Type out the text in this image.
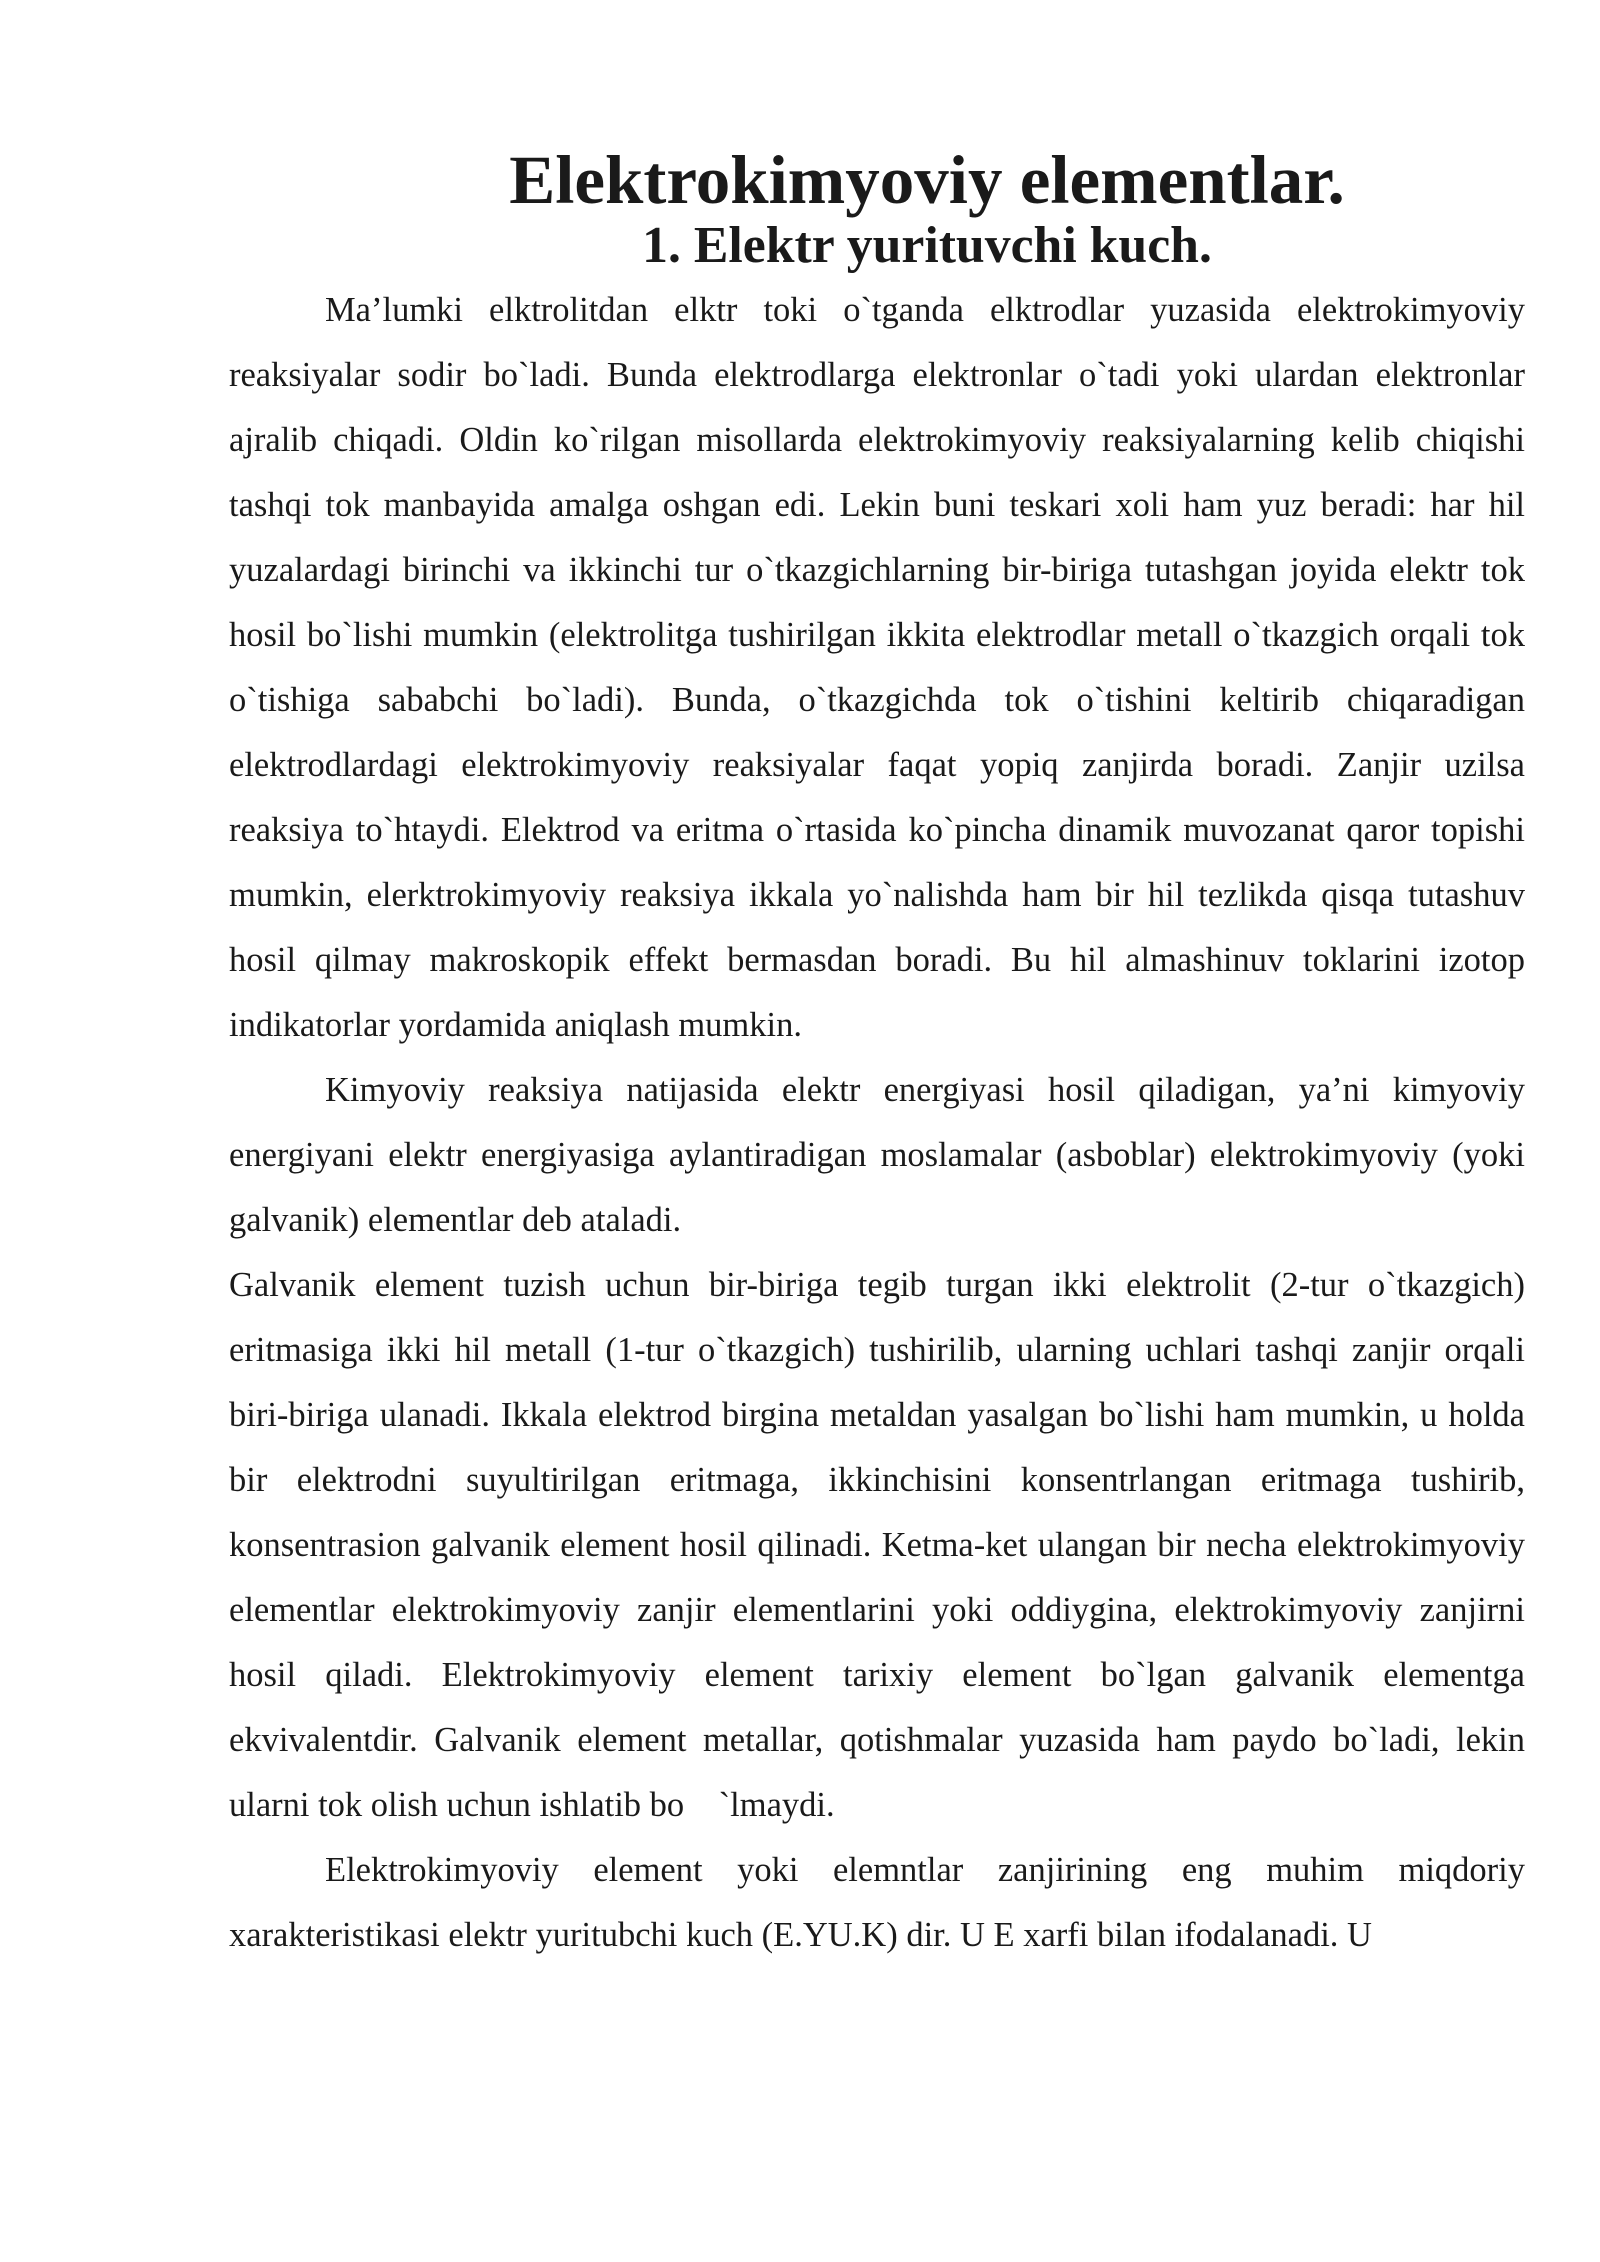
Elektrokimyoviy elementlar.
1. Elektr yurituvchi kuch.

Ma’lumki elktrolitdan elktr toki o`tganda elktrodlar yuzasida elektrokimyoviy reaksiyalar sodir bo`ladi. Bunda elektrodlarga elektronlar o`tadi yoki ulardan elektronlar ajralib chiqadi. Oldin ko`rilgan misollarda elektrokimyoviy reaksiyalarning kelib chiqishi tashqi tok manbayida amalga oshgan edi. Lekin buni teskari xoli ham yuz beradi: har hil yuzalardagi birinchi va ikkinchi tur o`tkazgichlarning bir-biriga tutashgan joyida elektr tok hosil bo`lishi mumkin (elektrolitga tushirilgan ikkita elektrodlar metall o`tkazgich orqali tok o`tishiga sababchi bo`ladi). Bunda, o`tkazgichda tok o`tishini keltirib chiqaradigan elektrodlardagi elektrokimyoviy reaksiyalar faqat yopiq zanjirda boradi. Zanjir uzilsa reaksiya to`htaydi. Elektrod va eritma o`rtasida ko`pincha dinamik muvozanat qaror topishi mumkin, elerktrokimyoviy reaksiya ikkala yo`nalishda ham bir hil tezlikda qisqa tutashuv hosil qilmay makroskopik effekt bermasdan boradi. Bu hil almashinuv toklarini izotop indikatorlar yordamida aniqlash mumkin.

Kimyoviy reaksiya natijasida elektr energiyasi hosil qiladigan, ya’ni kimyoviy energiyani elektr energiyasiga aylantiradigan moslamalar (asboblar) elektrokimyoviy (yoki galvanik) elementlar deb ataladi.

Galvanik element tuzish uchun bir-biriga tegib turgan ikki elektrolit (2-tur o`tkazgich) eritmasiga ikki hil metall (1-tur o`tkazgich) tushirilib, ularning uchlari tashqi zanjir orqali biri-biriga ulanadi. Ikkala elektrod birgina metaldan yasalgan bo`lishi ham mumkin, u holda bir elektrodni suyultirilgan eritmaga, ikkinchisini konsentrlangan eritmaga tushirib, konsentrasion galvanik element hosil qilinadi. Ketma-ket ulangan bir necha elektrokimyoviy elementlar elektrokimyoviy zanjir elementlarini yoki oddiygina, elektrokimyoviy zanjirni hosil qiladi. Elektrokimyoviy element tarixiy element bo`lgan galvanik elementga ekvivalentdir. Galvanik element metallar, qotishmalar yuzasida ham paydo bo`ladi, lekin ularni tok olish uchun ishlatib bo    `lmaydi.

Elektrokimyoviy element yoki elemntlar zanjirining eng muhim miqdoriy xarakteristikasi elektr yuritubchi kuch (E.YU.K) dir. U E xarfi bilan ifodalanadi. U
